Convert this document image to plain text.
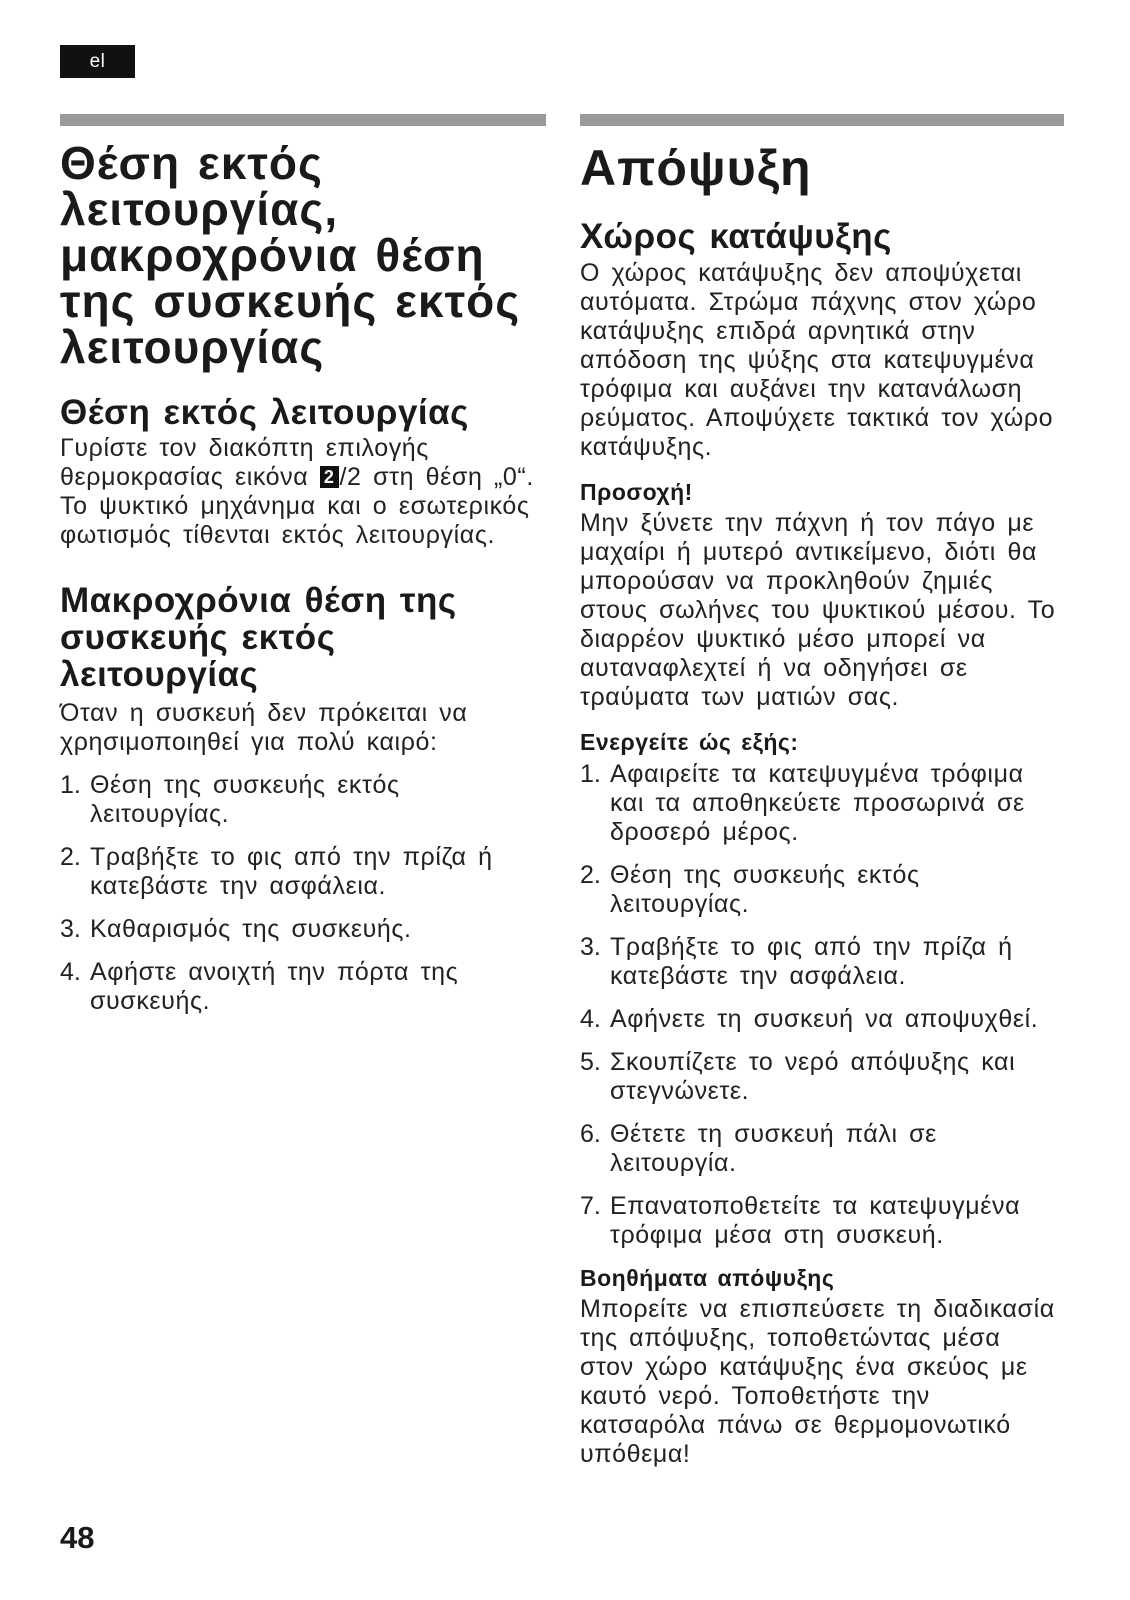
el
Θέση εκτός
λειτουργίας,
μακροχρόνια θέση
της συσκευής εκτός
λειτουργίας
Θέση εκτός λειτουργίας

Γυρίστε τον διακόπτη επιλογής θερμοκρασίας εικόνα 2 /2 στη θέση „0“. Το ψυκτικό μηχάνημα και ο εσωτερικός φωτισμός τίθενται εκτός λειτουργίας.

Μακροχρόνια θέση της
συσκευής εκτός
λειτουργίας

Όταν η συσκευή δεν πρόκειται να χρησιμοποιηθεί για πολύ καιρό:

1. Θέση της συσκευής εκτός λειτουργίας.
2. Τραβήξτε το φις από την πρίζα ή κατεβάστε την ασφάλεια.
3. Καθαρισμός της συσκευής.
4. Αφήστε ανοιχτή την πόρτα της συσκευής.
Απόψυξη
Χώρος κατάψυξης

Ο χώρος κατάψυξης δεν αποψύχεται αυτόματα. Στρώμα πάχνης στον χώρο κατάψυξης επιδρά αρνητικά στην απόδοση της ψύξης στα κατεψυγμένα τρόφιμα και αυξάνει την κατανάλωση ρεύματος. Αποψύχετε τακτικά τον χώρο κατάψυξης.

Προσοχή!

Μην ξύνετε την πάχνη ή τον πάγο με μαχαίρι ή μυτερό αντικείμενο, διότι θα μπορούσαν να προκληθούν ζημιές στους σωλήνες του ψυκτικού μέσου. Το διαρρέον ψυκτικό μέσο μπορεί να αυταναφλεχτεί ή να οδηγήσει σε τραύματα των ματιών σας.

Ενεργείτε ώς εξής:
1. Αφαιρείτε τα κατεψυγμένα τρόφιμα και τα αποθηκεύετε προσωρινά σε δροσερό μέρος.
2. Θέση της συσκευής εκτός λειτουργίας.
3. Τραβήξτε το φις από την πρίζα ή κατεβάστε την ασφάλεια.
4. Αφήνετε τη συσκευή να αποψυχθεί.
5. Σκουπίζετε το νερό απόψυξης και στεγνώνετε.
6. Θέτετε τη συσκευή πάλι σε λειτουργία.
7. Επανατοποθετείτε τα κατεψυγμένα τρόφιμα μέσα στη συσκευή.
Βοηθήματα απόψυξης

Μπορείτε να επισπεύσετε τη διαδικασία της απόψυξης, τοποθετώντας μέσα στον χώρο κατάψυξης ένα σκεύος με καυτό νερό. Τοποθετήστε την κατσαρόλα πάνω σε θερμομονωτικό υπόθεμα!

48
